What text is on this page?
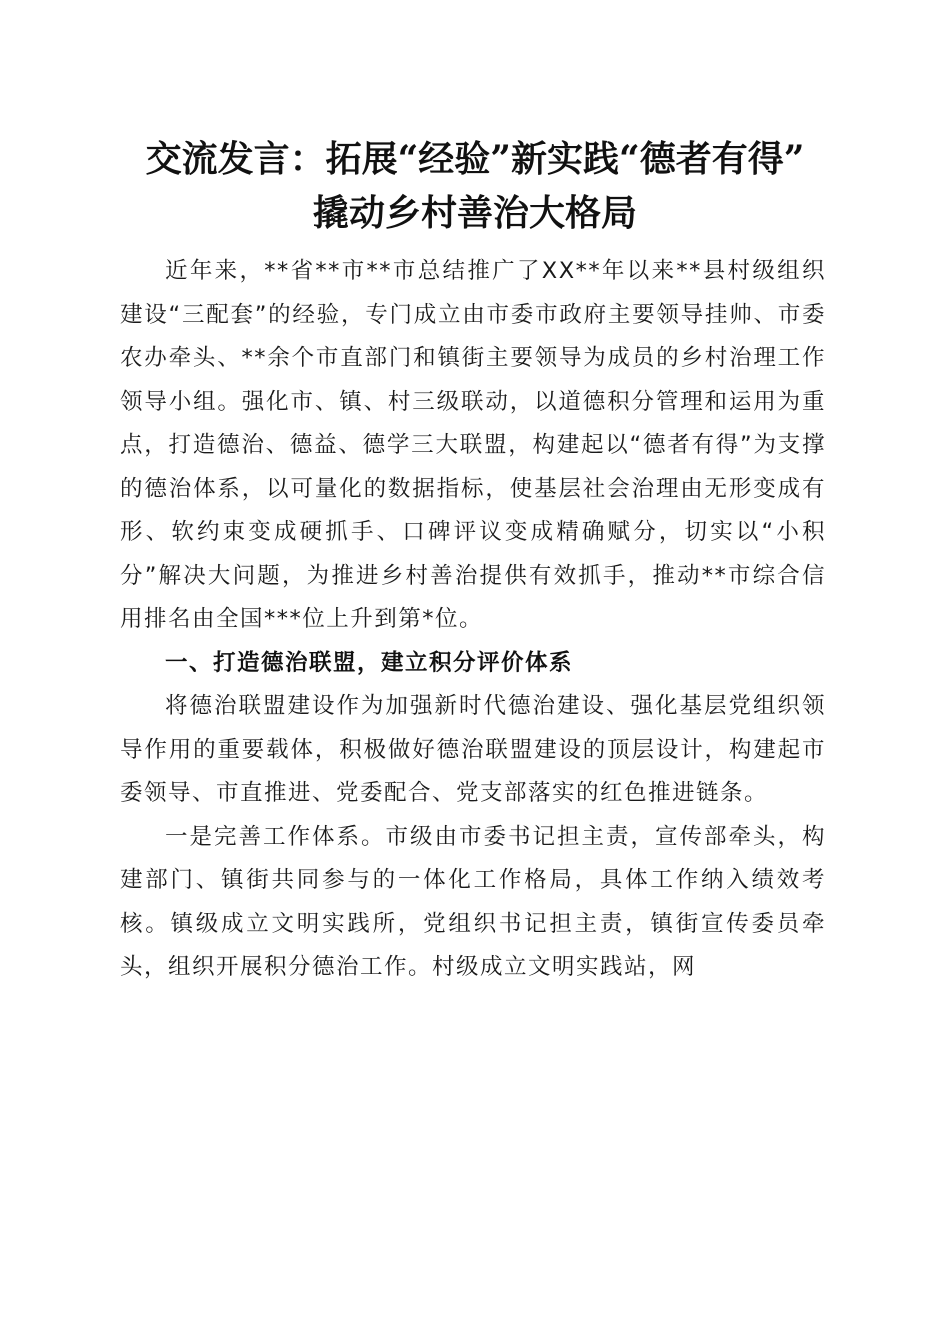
交流发言：拓展“经验”新实践“德者有得”
撬动乡村善治大格局

近年来，**省**市**市总结推广了XX**年以来**县村级组织建设“三配套”的经验，专门成立由市委市政府主要领导挂帅、市委农办牵头、**余个市直部门和镇街主要领导为成员的乡村治理工作领导小组。强化市、镇、村三级联动，以道德积分管理和运用为重点，打造德治、德益、德学三大联盟，构建起以“德者有得”为支撑的德治体系，以可量化的数据指标，使基层社会治理由无形变成有形、软约束变成硬抓手、口碑评议变成精确赋分，切实以“小积分”解决大问题，为推进乡村善治提供有效抓手，推动**市综合信用排名由全国***位上升到第*位。

一、打造德治联盟，建立积分评价体系

将德治联盟建设作为加强新时代德治建设、强化基层党组织领导作用的重要载体，积极做好德治联盟建设的顶层设计，构建起市委领导、市直推进、党委配合、党支部落实的红色推进链条。

一是完善工作体系。市级由市委书记担主责，宣传部牵头，构建部门、镇街共同参与的一体化工作格局，具体工作纳入绩效考核。镇级成立文明实践所，党组织书记担主责，镇街宣传委员牵头，组织开展积分德治工作。村级成立文明实践站，网
